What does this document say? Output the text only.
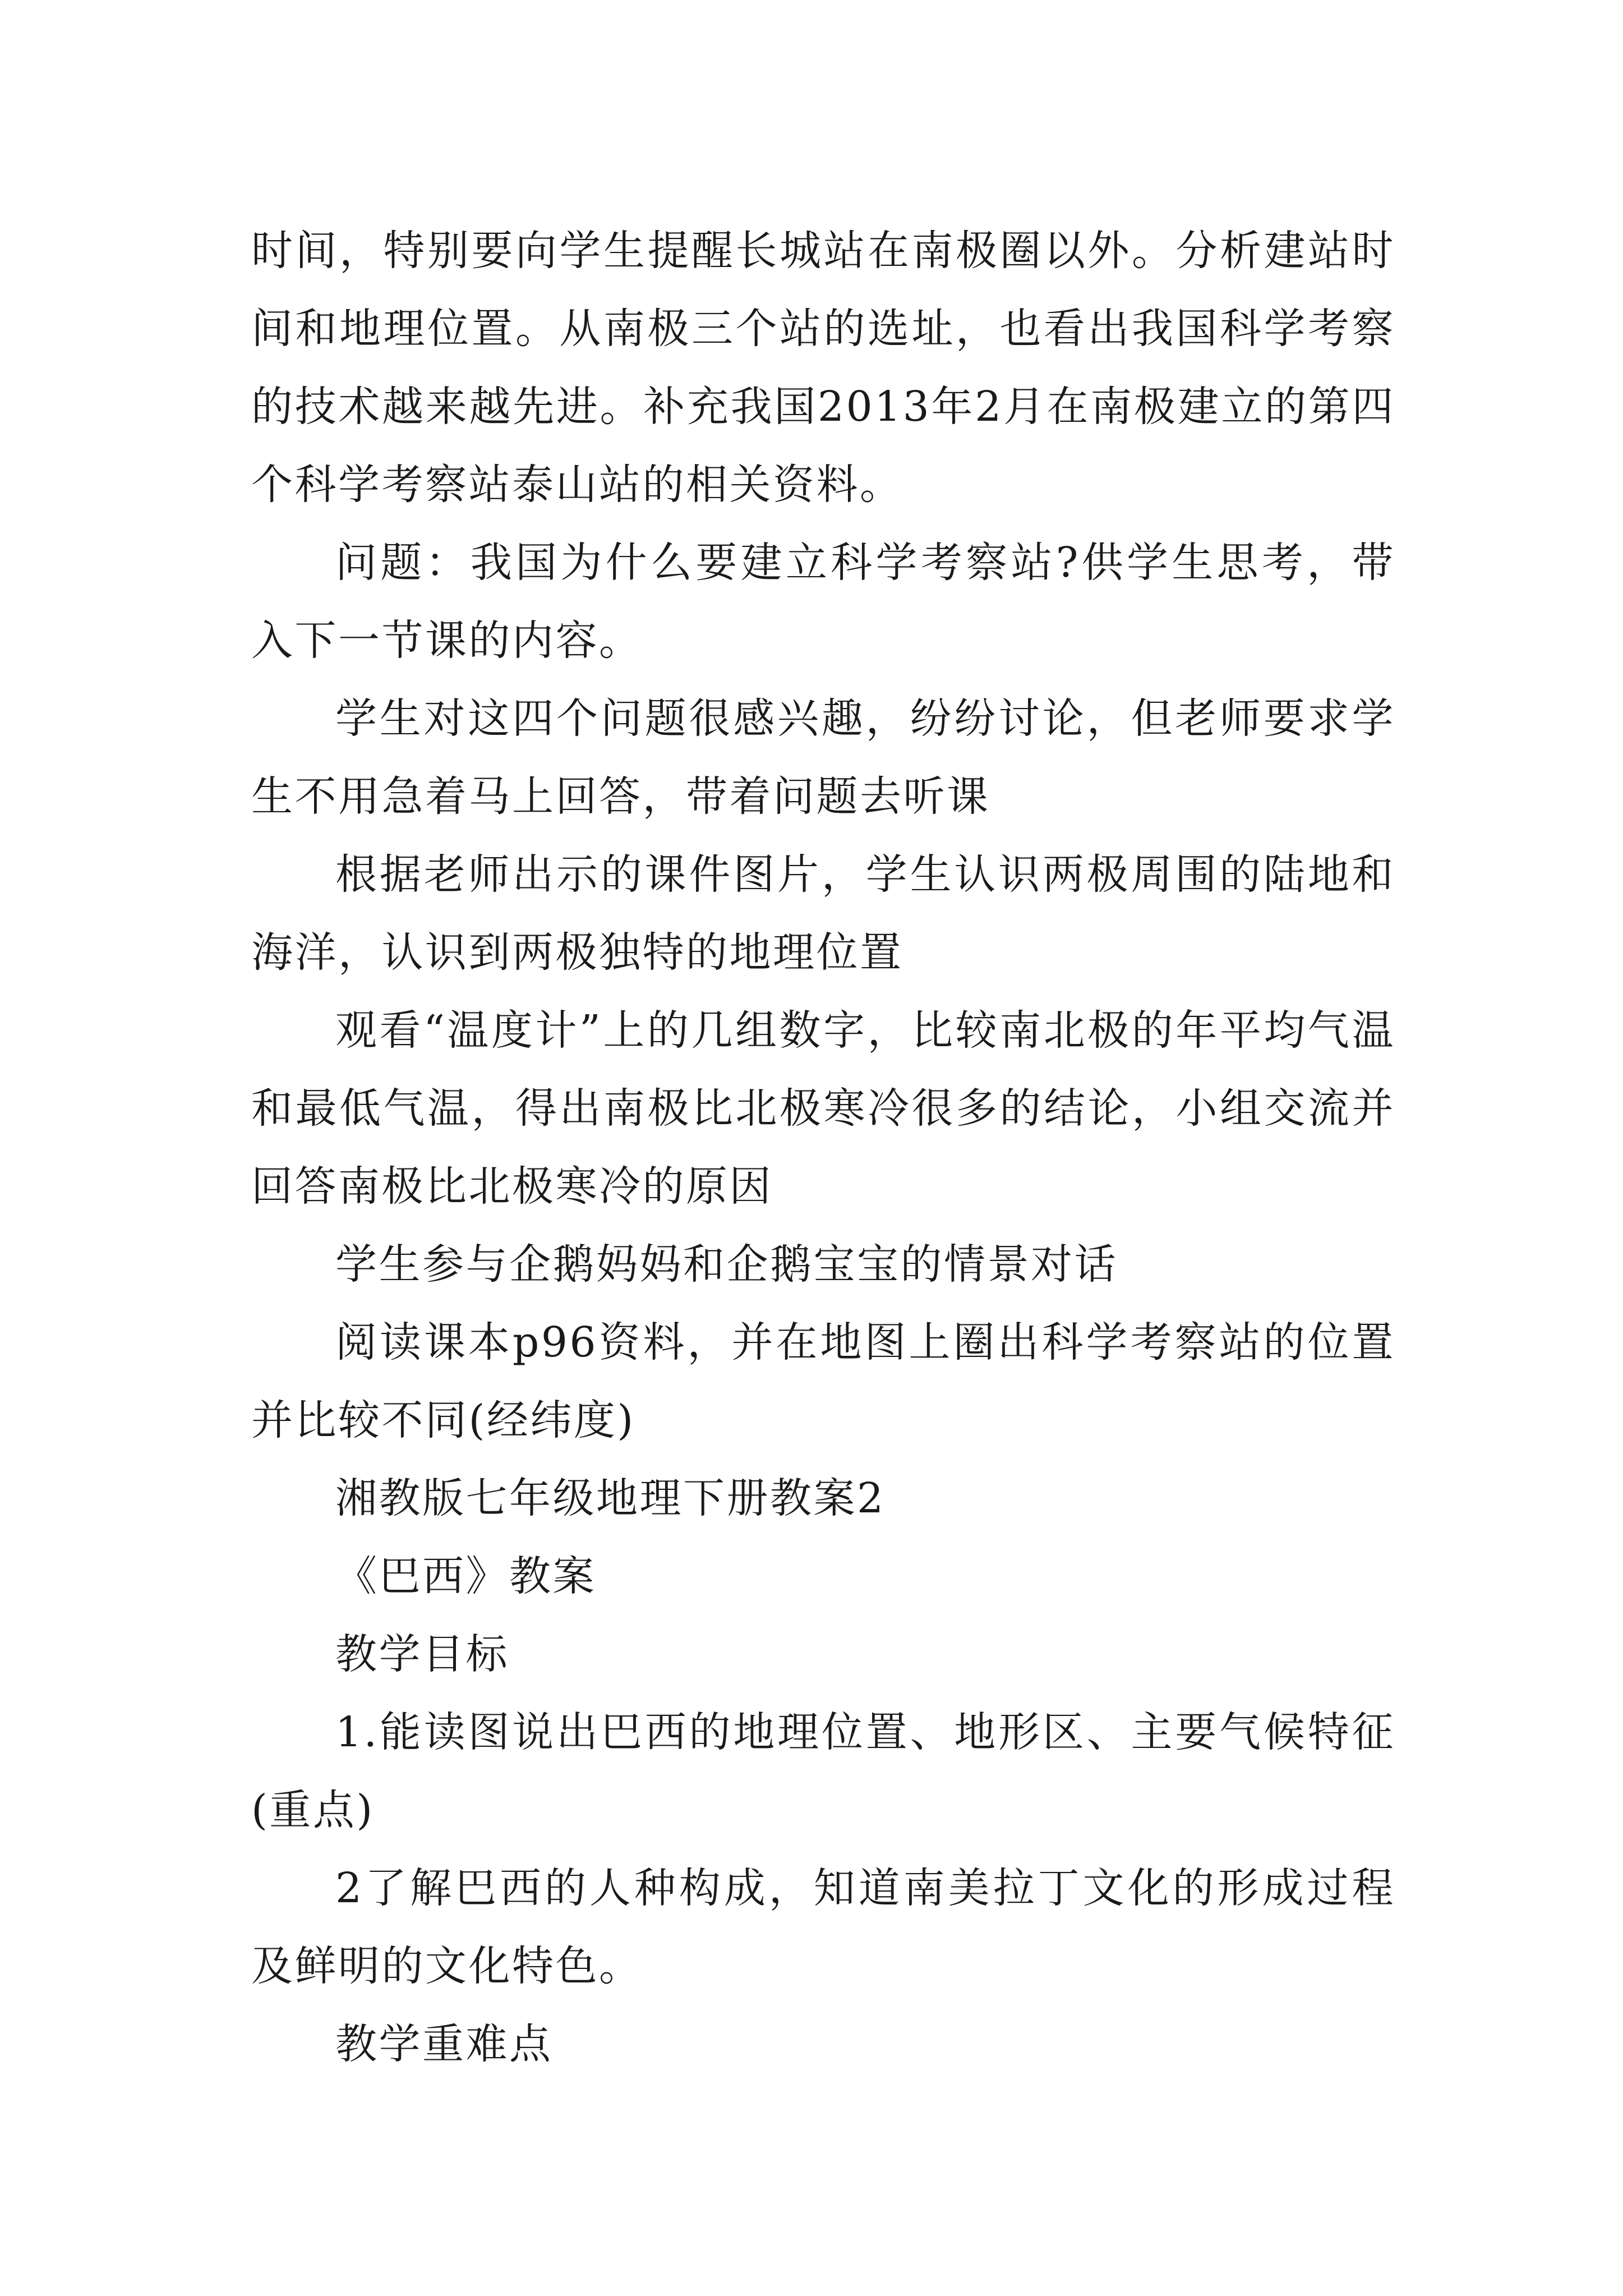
时间，特别要向学生提醒长城站在南极圈以外。分析建站时间和地理位置。从南极三个站的选址，也看出我国科学考察的技术越来越先进。补充我国2013年2月在南极建立的第四个科学考察站泰山站的相关资料。

问题：我国为什么要建立科学考察站?供学生思考，带入下一节课的内容。

学生对这四个问题很感兴趣，纷纷讨论，但老师要求学生不用急着马上回答，带着问题去听课

根据老师出示的课件图片，学生认识两极周围的陆地和海洋，认识到两极独特的地理位置

观看“温度计”上的几组数字，比较南北极的年平均气温和最低气温，得出南极比北极寒冷很多的结论，小组交流并回答南极比北极寒冷的原因

学生参与企鹅妈妈和企鹅宝宝的情景对话

阅读课本p96资料，并在地图上圈出科学考察站的位置并比较不同(经纬度)

湘教版七年级地理下册教案2

《巴西》教案

教学目标

1.能读图说出巴西的地理位置、地形区、主要气候特征(重点)

2了解巴西的人种构成，知道南美拉丁文化的形成过程及鲜明的文化特色。

教学重难点
